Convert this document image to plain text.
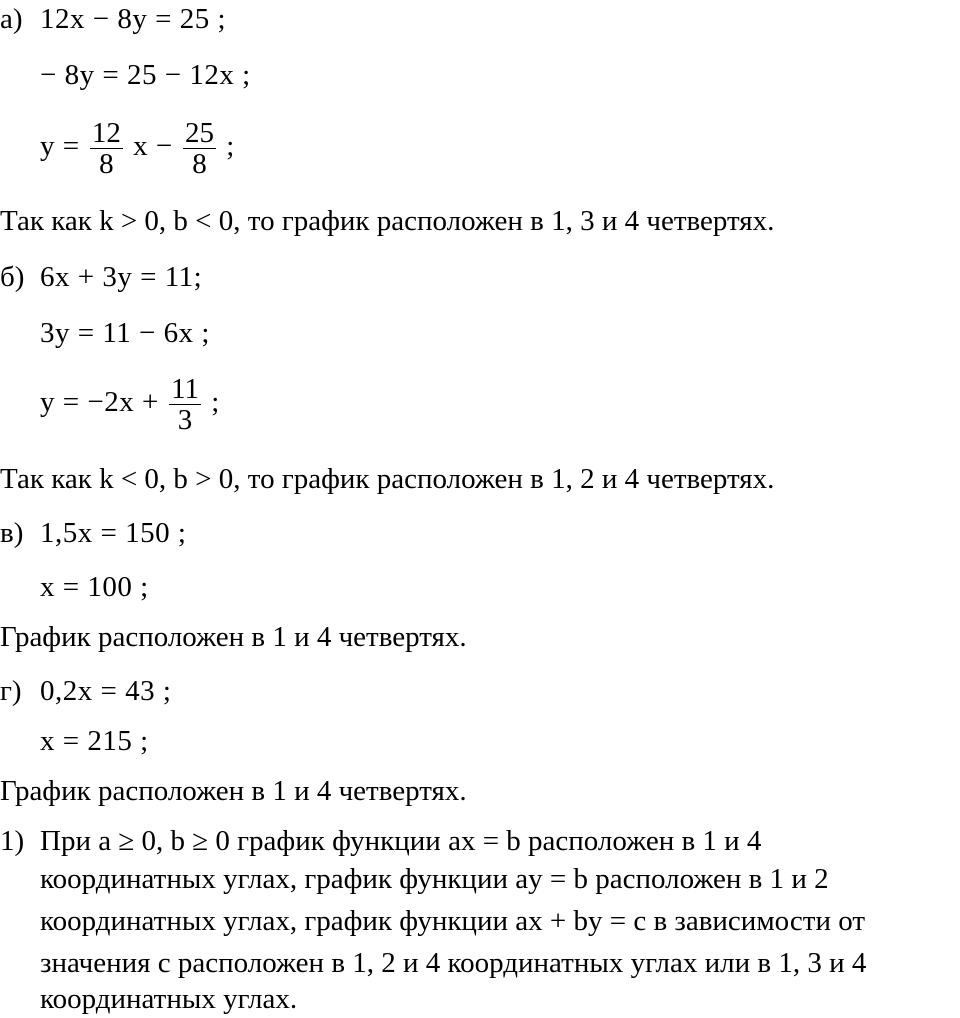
а) 12x − 8y = 25 ;
− 8y = 25 − 12x ;
$y = \frac{12}{8}$ $x - \frac{25}{8}$ ;
Так как k > 0, b < 0, то график расположен в 1, 3 и 4 четвертях.
б) 6x + 3y = 11;
3y = 11 − 6x ;
$y = -2x + \frac{11}{3}$ ;
Так как k < 0, b > 0, то график расположен в 1, 2 и 4 четвертях.
в) 1,5x = 150 ;
x = 100 ;
График расположен в 1 и 4 четвертях.
г) 0,2x = 43 ;
x = 215 ;
График расположен в 1 и 4 четвертях.
1) При a ≥ 0, b ≥ 0 график функции ax = b расположен в 1 и 4
координатных углах, график функции ay = b расположен в 1 и 2
координатных углах, график функции ax + by = c в зависимости от
значения c расположен в 1, 2 и 4 координатных углах или в 1, 3 и 4
координатных углах.
